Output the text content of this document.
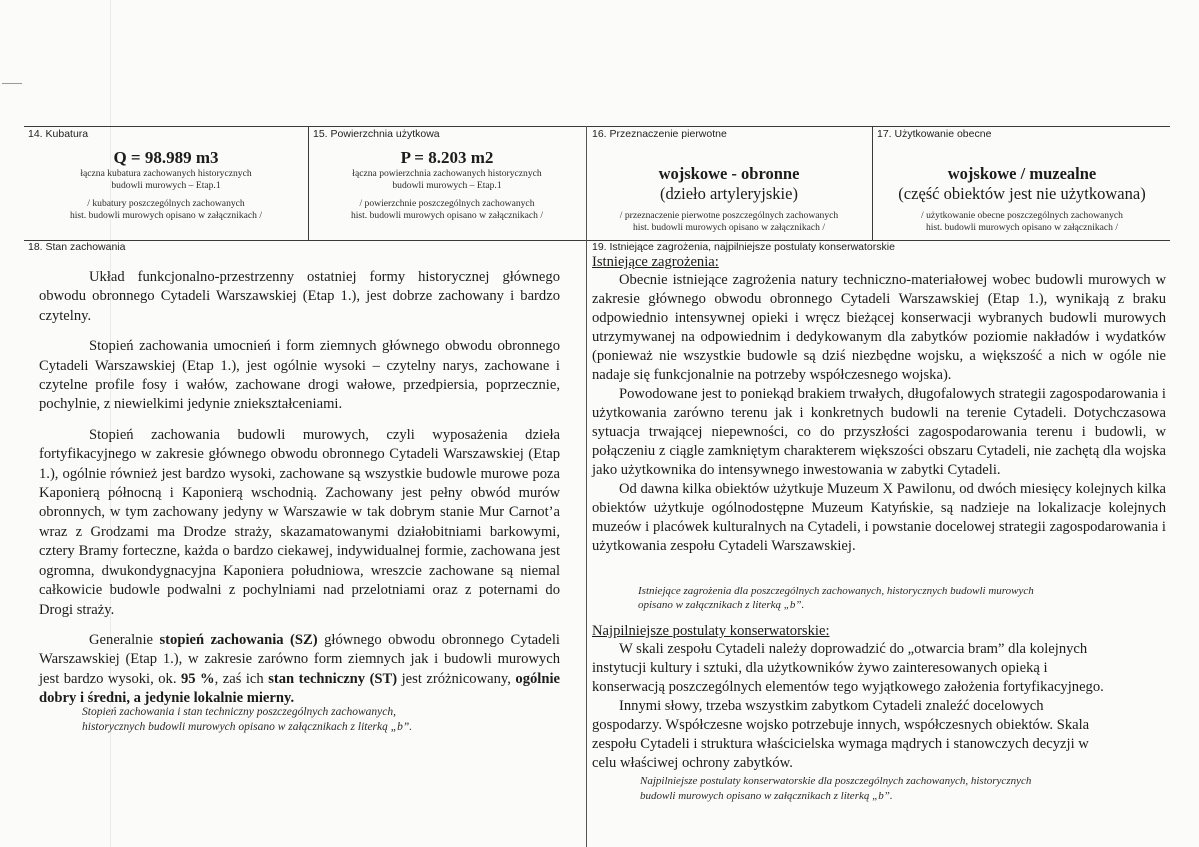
14. Kubatura
Q = 98.989 m3
łączna kubatura zachowanych historycznych
budowli murowych – Etap.1
/ kubatury poszczególnych zachowanych
hist. budowli murowych opisano w załącznikach /
15. Powierzchnia użytkowa
P = 8.203 m2
łączna powierzchnia zachowanych historycznych
budowli murowych – Etap.1
/ powierzchnie poszczególnych zachowanych
hist. budowli murowych opisano w załącznikach /
16. Przeznaczenie pierwotne
wojskowe - obronne
(dzieło artyleryjskie)
/ przeznaczenie pierwotne poszczególnych zachowanych
hist. budowli murowych opisano w załącznikach /
17. Użytkowanie obecne
wojskowe / muzealne
(część obiektów jest nie użytkowana)
/ użytkowanie obecne poszczególnych zachowanych
hist. budowli murowych opisano w załącznikach /
18. Stan zachowania

Układ funkcjonalno-przestrzenny ostatniej formy historycznej głównego obwodu obronnego Cytadeli Warszawskiej (Etap 1.), jest dobrze zachowany i bardzo czytelny.

Stopień zachowania umocnień i form ziemnych głównego obwodu obronnego Cytadeli Warszawskiej (Etap 1.), jest ogólnie wysoki – czytelny narys, zachowane i czytelne profile fosy i wałów, zachowane drogi wałowe, przedpiersia, poprzecznie, pochylnie, z niewielkimi jedynie zniekształceniami.

Stopień zachowania budowli murowych, czyli wyposażenia dzieła fortyfikacyjnego w zakresie głównego obwodu obronnego Cytadeli Warszawskiej (Etap 1.), ogólnie również jest bardzo wysoki, zachowane są wszystkie budowle murowe poza Kaponierą północną i Kaponierą wschodnią. Zachowany jest pełny obwód murów obronnych, w tym zachowany jedyny w Warszawie w tak dobrym stanie Mur Carnot’a wraz z Grodzami ma Drodze straży, skazamatowanymi działobitniami barkowymi, cztery Bramy forteczne, każda o bardzo ciekawej, indywidualnej formie, zachowana jest ogromna, dwukondygnacyjna Kaponiera południowa, wreszcie zachowane są niemal całkowicie budowle podwalni z pochylniami nad przelotniami oraz z poternami do Drogi straży.

Generalnie stopień zachowania (SZ) głównego obwodu obronnego Cytadeli Warszawskiej (Etap 1.), w zakresie zarówno form ziemnych jak i budowli murowych jest bardzo wysoki, ok. 95 %, zaś ich stan techniczny (ST) jest zróżnicowany, ogólnie dobry i średni, a jedynie lokalnie mierny.

Stopień zachowania i stan techniczny poszczególnych zachowanych,
historycznych budowli murowych opisano w załącznikach z literką „b”.
19. Istniejące zagrożenia, najpilniejsze postulaty konserwatorskie
Istniejące zagrożenia:

Obecnie istniejące zagrożenia natury techniczno-materiałowej wobec budowli murowych w zakresie głównego obwodu obronnego Cytadeli Warszawskiej (Etap 1.), wynikają z braku odpowiednio intensywnej opieki i wręcz bieżącej konserwacji wybranych budowli murowych utrzymywanej na odpowiednim i dedykowanym dla zabytków poziomie nakładów i wydatków (ponieważ nie wszystkie budowle są dziś niezbędne wojsku, a większość a nich w ogóle nie nadaje się funkcjonalnie na potrzeby współczesnego wojska).

Powodowane jest to poniekąd brakiem trwałych, długofalowych strategii zagospodarowania i użytkowania zarówno terenu jak i konkretnych budowli na terenie Cytadeli. Dotychczasowa sytuacja trwającej niepewności, co do przyszłości zagospodarowania terenu i budowli, w połączeniu z ciągle zamkniętym charakterem większości obszaru Cytadeli, nie zachętą dla wojska jako użytkownika do intensywnego inwestowania w zabytki Cytadeli.

Od dawna kilka obiektów użytkuje Muzeum X Pawilonu, od dwóch miesięcy kolejnych kilka obiektów użytkuje ogólnodostępne Muzeum Katyńskie, są nadzieje na lokalizacje kolejnych muzeów i placówek kulturalnych na Cytadeli, i powstanie docelowej strategii zagospodarowania i użytkowania zespołu Cytadeli Warszawskiej.

Istniejące zagrożenia dla poszczególnych zachowanych, historycznych budowli murowych
opisano w załącznikach z literką „b”.
Najpilniejsze postulaty konserwatorskie:
W skali zespołu Cytadeli należy doprowadzić do „otwarcia bram” dla kolejnych
instytucji kultury i sztuki, dla użytkowników żywo zainteresowanych opieką i
konserwacją poszczególnych elementów tego wyjątkowego założenia fortyfikacyjnego.
Innymi słowy, trzeba wszystkim zabytkom Cytadeli znaleźć docelowych
gospodarzy. Współczesne wojsko potrzebuje innych, współczesnych obiektów. Skala
zespołu Cytadeli i struktura właścicielska wymaga mądrych i stanowczych decyzji w
celu właściwej ochrony zabytków.
Najpilniejsze postulaty konserwatorskie dla poszczególnych zachowanych, historycznych
budowli murowych opisano w załącznikach z literką „b”.
